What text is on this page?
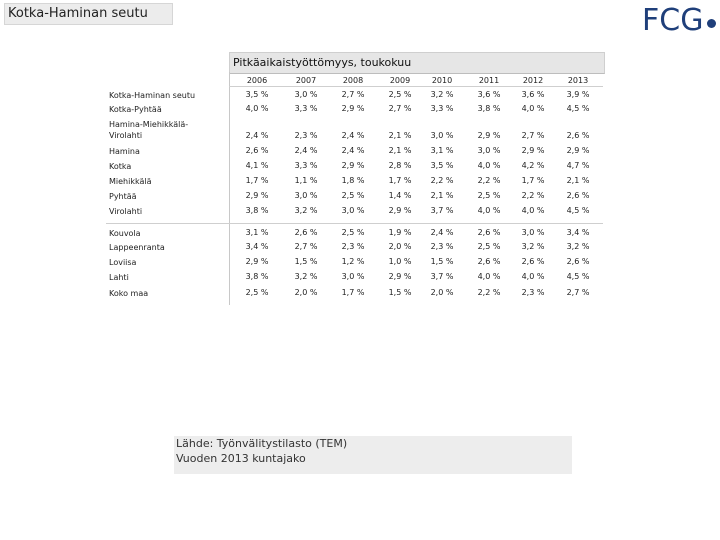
Kotka-Haminan seutu	FCG
Pitkäaikaistyöttömyys, toukokuu
2006	2007	2008	2009	2010	2011	2012	2013
Kotka-Haminan seutu	3,5 %	3,0 %	2,7 %	2,5 %	3,2 %	3,6 %	3,6 %	3,9 %
Kotka-Pyhtää	4,0 %	3,3 %	2,9 %	2,7 %	3,3 %	3,8 %	4,0 %	4,5 %
Hamina-Miehikkälä-
Virolahti	2,4 %	2,3 %	2,4 %	2,1 %	3,0 %	2,9 %	2,7 %	2,6 %
Hamina	2,6 %	2,4 %	2,4 %	2,1 %	3,1 %	3,0 %	2,9 %	2,9 %
Kotka	4,1 %	3,3 %	2,9 %	2,8 %	3,5 %	4,0 %	4,2 %	4,7 %
Miehikkälä	1,7 %	1,1 %	1,8 %	1,7 %	2,2 %	2,2 %	1,7 %	2,1 %
Pyhtää	2,9 %	3,0 %	2,5 %	1,4 %	2,1 %	2,5 %	2,2 %	2,6 %
Virolahti	3,8 %	3,2 %	3,0 %	2,9 %	3,7 %	4,0 %	4,0 %	4,5 %
Kouvola	3,1 %	2,6 %	2,5 %	1,9 %	2,4 %	2,6 %	3,0 %	3,4 %
Lappeenranta	3,4 %	2,7 %	2,3 %	2,0 %	2,3 %	2,5 %	3,2 %	3,2 %
Loviisa	2,9 %	1,5 %	1,2 %	1,0 %	1,5 %	2,6 %	2,6 %	2,6 %
Lahti	3,8 %	3,2 %	3,0 %	2,9 %	3,7 %	4,0 %	4,0 %	4,5 %
Koko maa	2,5 %	2,0 %	1,7 %	1,5 %	2,0 %	2,2 %	2,3 %	2,7 %
Lähde: Työnvälitystilasto (TEM)
Vuoden 2013 kuntajako
